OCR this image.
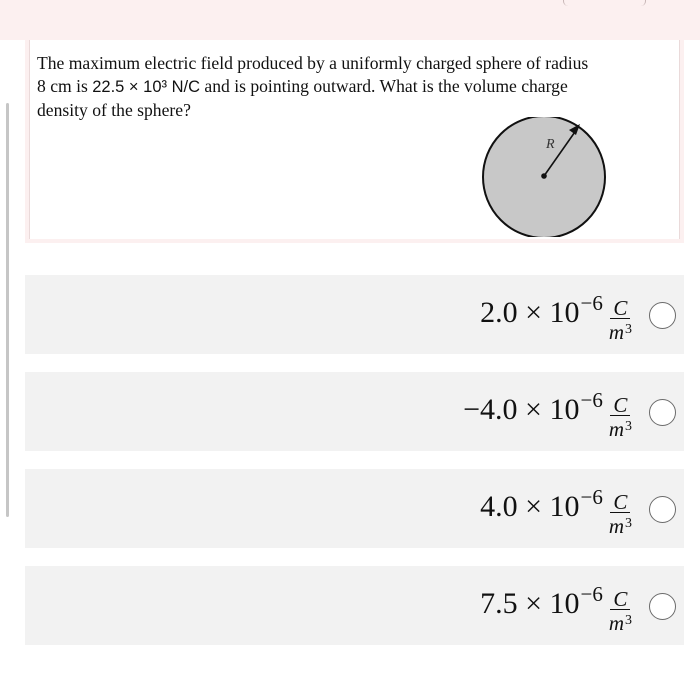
The maximum electric field produced by a uniformly charged sphere of radius
8 cm is 22.5 × 10³ N/C and is pointing outward. What is the volume charge
density of the sphere?
R
$2.0 \times 10 -6 \frac{C}{m^3}$
$-4.0 \times 10 -6 \frac{C}{m^3}$
$4.0 \times 10 -6 \frac{C}{m^3}$
$7.5 \times 10 -6 \frac{C}{m^3}$
